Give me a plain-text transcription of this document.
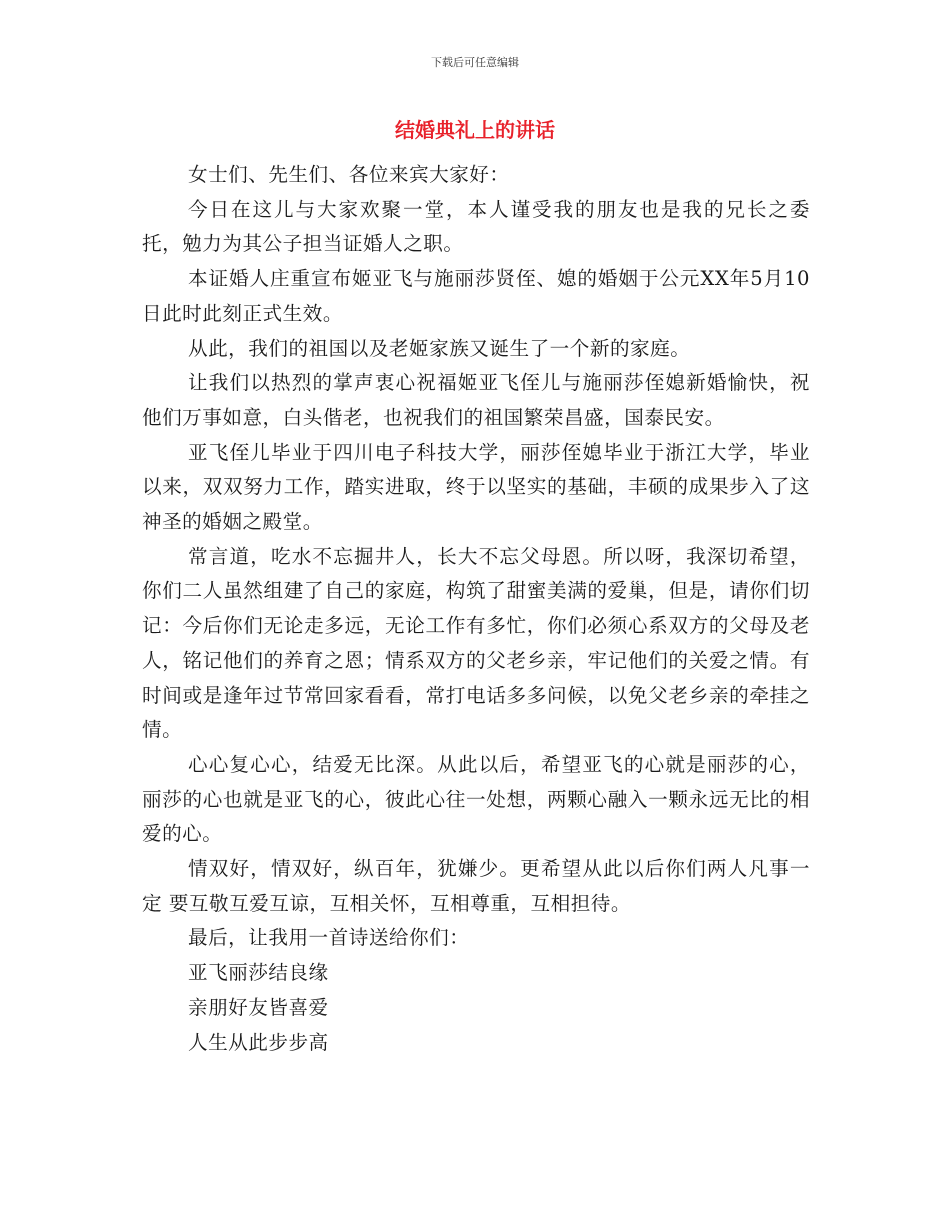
下载后可任意编辑
结婚典礼上的讲话

女士们、先生们、各位来宾大家好：

今日在这儿与大家欢聚一堂，本人谨受我的朋友也是我的兄长之委托，勉力为其公子担当证婚人之职。

本证婚人庄重宣布姬亚飞与施丽莎贤侄、媳的婚姻于公元XX年5月10日此时此刻正式生效。

从此，我们的祖国以及老姬家族又诞生了一个新的家庭。

让我们以热烈的掌声衷心祝福姬亚飞侄儿与施丽莎侄媳新婚愉快，祝他们万事如意，白头偕老，也祝我们的祖国繁荣昌盛，国泰民安。

亚飞侄儿毕业于四川电子科技大学，丽莎侄媳毕业于浙江大学，毕业以来，双双努力工作，踏实进取，终于以坚实的基础，丰硕的成果步入了这神圣的婚姻之殿堂。

常言道，吃水不忘掘井人，长大不忘父母恩。所以呀，我深切希望，你们二人虽然组建了自己的家庭，构筑了甜蜜美满的爱巢，但是，请你们切记：今后你们无论走多远，无论工作有多忙，你们必须心系双方的父母及老人，铭记他们的养育之恩；情系双方的父老乡亲，牢记他们的关爱之情。有时间或是逢年过节常回家看看，常打电话多多问候，以免父老乡亲的牵挂之情。

心心复心心，结爱无比深。从此以后，希望亚飞的心就是丽莎的心，丽莎的心也就是亚飞的心，彼此心往一处想，两颗心融入一颗永远无比的相爱的心。

情双好，情双好，纵百年，犹嫌少。更希望从此以后你们两人凡事一定 要互敬互爱互谅，互相关怀，互相尊重，互相担待。

最后，让我用一首诗送给你们：

亚飞丽莎结良缘

亲朋好友皆喜爱

人生从此步步高
